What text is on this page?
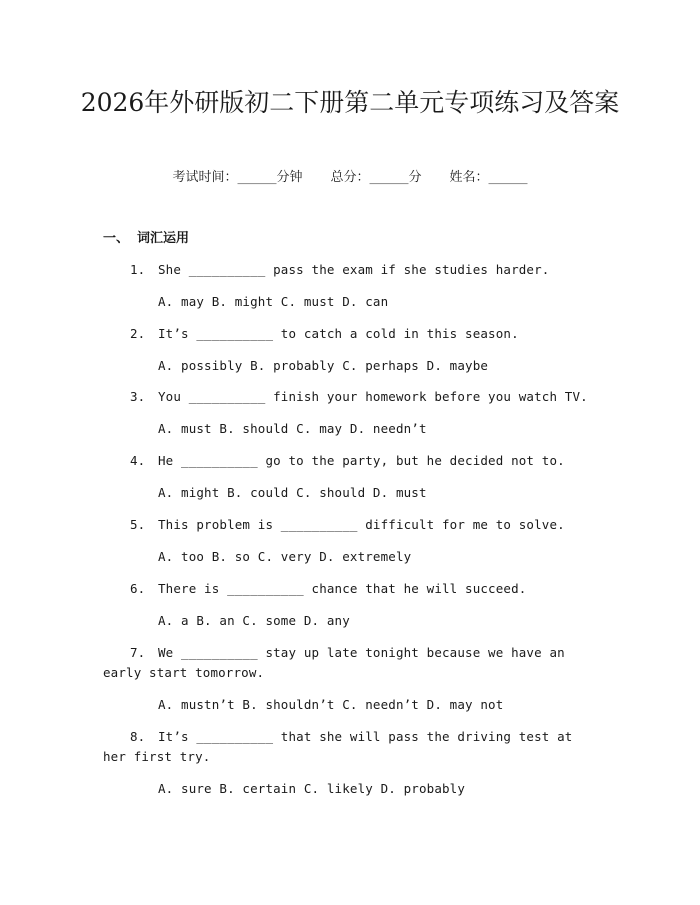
2026年外研版初二下册第二单元专项练习及答案
考试时间：______分钟 总分：______分 姓名：______
一、 词汇运用
1. She __________ pass the exam if she studies harder.
A. may B. might C. must D. can
2. It’s __________ to catch a cold in this season.
A. possibly B. probably C. perhaps D. maybe
3. You __________ finish your homework before you watch TV.
A. must B. should C. may D. needn’t
4. He __________ go to the party, but he decided not to.
A. might B. could C. should D. must
5. This problem is __________ difficult for me to solve.
A. too B. so C. very D. extremely
6. There is __________ chance that he will succeed.
A. a B. an C. some D. any
7. We __________ stay up late tonight because we have an early start tomorrow.
A. mustn’t B. shouldn’t C. needn’t D. may not
8. It’s __________ that she will pass the driving test at her first try.
A. sure B. certain C. likely D. probably
